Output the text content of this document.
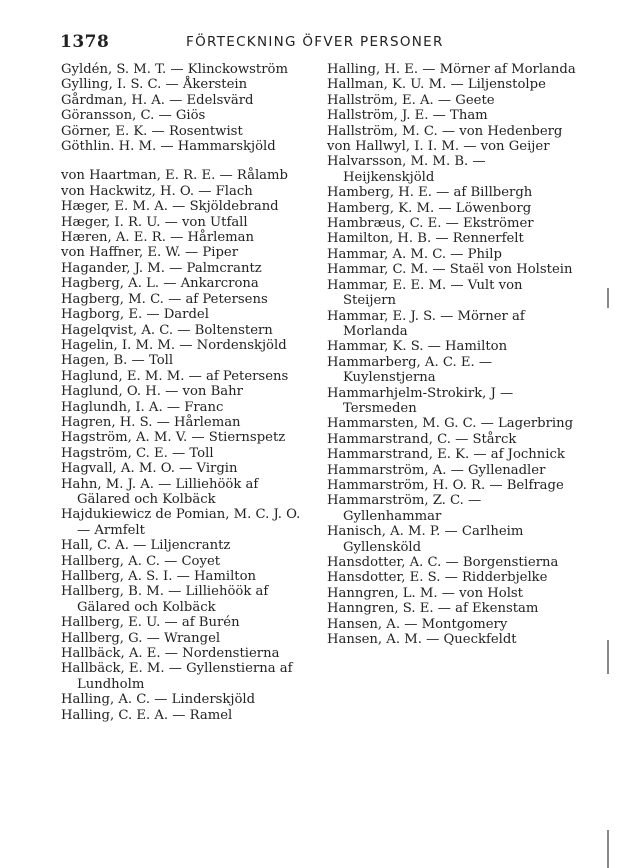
1378	FÖRTECKNING ÖFVER PERSONER
Gyldén, S. M. T. — Klinckowström
Gylling, I. S. C. — Åkerstein
Gårdman, H. A. — Edelsvärd
Göransson, C. — Giös
Görner, E. K. — Rosentwist
Göthlin. H. M. — Hammarskjöld
von Haartman, E. R. E. — Rålamb
von Hackwitz, H. O. — Flach
Hæger, E. M. A. — Skjöldebrand
Hæger, I. R. U. — von Utfall
Hæren, A. E. R. — Hårleman
von Haffner, E. W. — Piper
Hagander, J. M. — Palmcrantz
Hagberg, A. L. — Ankarcrona
Hagberg, M. C. — af Petersens
Hagborg, E. — Dardel
Hagelqvist, A. C. — Boltenstern
Hagelin, I. M. M. — Nordenskjöld
Hagen, B. — Toll
Haglund, E. M. M. — af Petersens
Haglund, O. H. — von Bahr
Haglundh, I. A. — Franc
Hagren, H. S. — Hårleman
Hagström, A. M. V. — Stiernspetz
Hagström, C. E. — Toll
Hagvall, A. M. O. — Virgin
Hahn, M. J. A. — Lilliehöök af Gälared och Kolbäck
Hajdukiewicz de Pomian, M. C. J. O. — Armfelt
Hall, C. A. — Liljencrantz
Hallberg, A. C. — Coyet
Hallberg, A. S. I. — Hamilton
Hallberg, B. M. — Lilliehöök af Gälared och Kolbäck
Hallberg, E. U. — af Burén
Hallberg, G. — Wrangel
Hallbäck, A. E. — Nordenstierna
Hallbäck, E. M. — Gyllenstierna af Lundholm
Halling, A. C. — Linderskjöld
Halling, C. E. A. — Ramel
Halling, H. E. — Mörner af Morlanda
Hallman, K. U. M. — Liljenstolpe
Hallström, E. A. — Geete
Hallström, J. E. — Tham
Hallström, M. C. — von Hedenberg
von Hallwyl, I. I. M. — von Geijer
Halvarsson, M. M. B. — Heijkenskjöld
Hamberg, H. E. — af Billbergh
Hamberg, K. M. — Löwenborg
Hambræus, C. E. — Ekströmer
Hamilton, H. B. — Rennerfelt
Hammar, A. M. C. — Philp
Hammar, C. M. — Staël von Holstein
Hammar, E. E. M. — Vult von Steijern
Hammar, E. J. S. — Mörner af Morlanda
Hammar, K. S. — Hamilton
Hammarberg, A. C. E. — Kuylenstjerna
Hammarhjelm-Strokirk, J — Tersmeden
Hammarsten, M. G. C. — Lagerbring
Hammarstrand, C. — Stårck
Hammarstrand, E. K. — af Jochnick
Hammarström, A. — Gyllenadler
Hammarström, H. O. R. — Belfrage
Hammarström, Z. C. — Gyllenhammar
Hanisch, A. M. P. — Carlheim Gyllensköld
Hansdotter, A. C. — Borgenstierna
Hansdotter, E. S. — Ridderbjelke
Hanngren, L. M. — von Holst
Hanngren, S. E. — af Ekenstam
Hansen, A. — Montgomery
Hansen, A. M. — Queckfeldt
